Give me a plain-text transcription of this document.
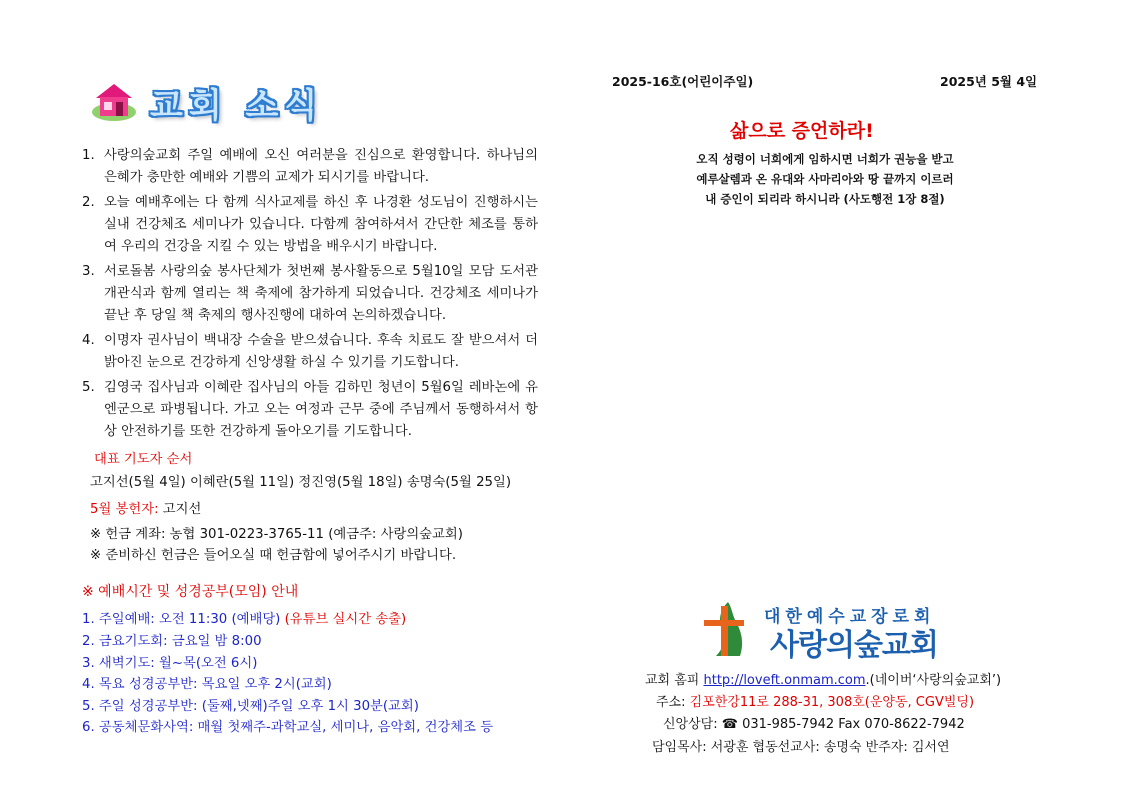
교회 소식
1. 사랑의숲교회 주일 예배에 오신 여러분을 진심으로 환영합니다. 하나님의 은혜가 충만한 예배와 기쁨의 교제가 되시기를 바랍니다.
2. 오늘 예배후에는 다 함께 식사교제를 하신 후 나경환 성도님이 진행하시는 실내 건강체조 세미나가 있습니다. 다함께 참여하셔서 간단한 체조를 통하여 우리의 건강을 지킬 수 있는 방법을 배우시기 바랍니다.
3. 서로돌봄 사랑의숲 봉사단체가 첫번째 봉사활동으로 5월10일 모담 도서관 개관식과 함께 열리는 책 축제에 참가하게 되었습니다. 건강체조 세미나가 끝난 후 당일 책 축제의 행사진행에 대하여 논의하겠습니다.
4. 이명자 권사님이 백내장 수술을 받으셨습니다. 후속 치료도 잘 받으셔서 더 밝아진 눈으로 건강하게 신앙생활 하실 수 있기를 기도합니다.
5. 김영국 집사님과 이혜란 집사님의 아들 김하민 청년이 5월6일 레바논에 유엔군으로 파병됩니다. 가고 오는 여정과 근무 중에 주님께서 동행하셔서 항상 안전하기를 또한 건강하게 돌아오기를 기도합니다.
대표 기도자 순서
고지선(5월 4일) 이혜란(5월 11일) 정진영(5월 18일) 송명숙(5월 25일)
5월 봉헌자: 고지선
※ 헌금 계좌: 농협 301-0223-3765-11 (예금주: 사랑의숲교회)
※ 준비하신 헌금은 들어오실 때 헌금함에 넣어주시기 바랍니다.
※ 예배시간 및 성경공부(모임) 안내
1. 주일예배: 오전 11:30 (예배당) (유튜브 실시간 송출)
2. 금요기도회: 금요일 밤 8:00
3. 새벽기도: 월~목(오전 6시)
4. 목요 성경공부반: 목요일 오후 2시(교회)
5. 주일 성경공부반: (둘째,넷째)주일 오후 1시 30분(교회)
6. 공동체문화사역: 매월 첫째주-과학교실, 세미나, 음악회, 건강체조 등
2025-16호(어린이주일)	2025년 5월 4일
삶으로 증언하라!
오직 성령이 너희에게 임하시면 너희가 권능을 받고
예루살렘과 온 유대와 사마리아와 땅 끝까지 이르러
내 증인이 되리라 하시니라 (사도행전 1장 8절)
대한예수교장로회
사랑의숲교회
교회 홈피 http://loveft.onmam.com.(네이버‘사랑의숲교회’)
주소: 김포한강11로 288-31, 308호(운양동, CGV빌딩)
신앙상담: ☎ 031-985-7942 Fax 070-8622-7942
담임목사: 서광훈 협동선교사: 송명숙 반주자: 김서연
